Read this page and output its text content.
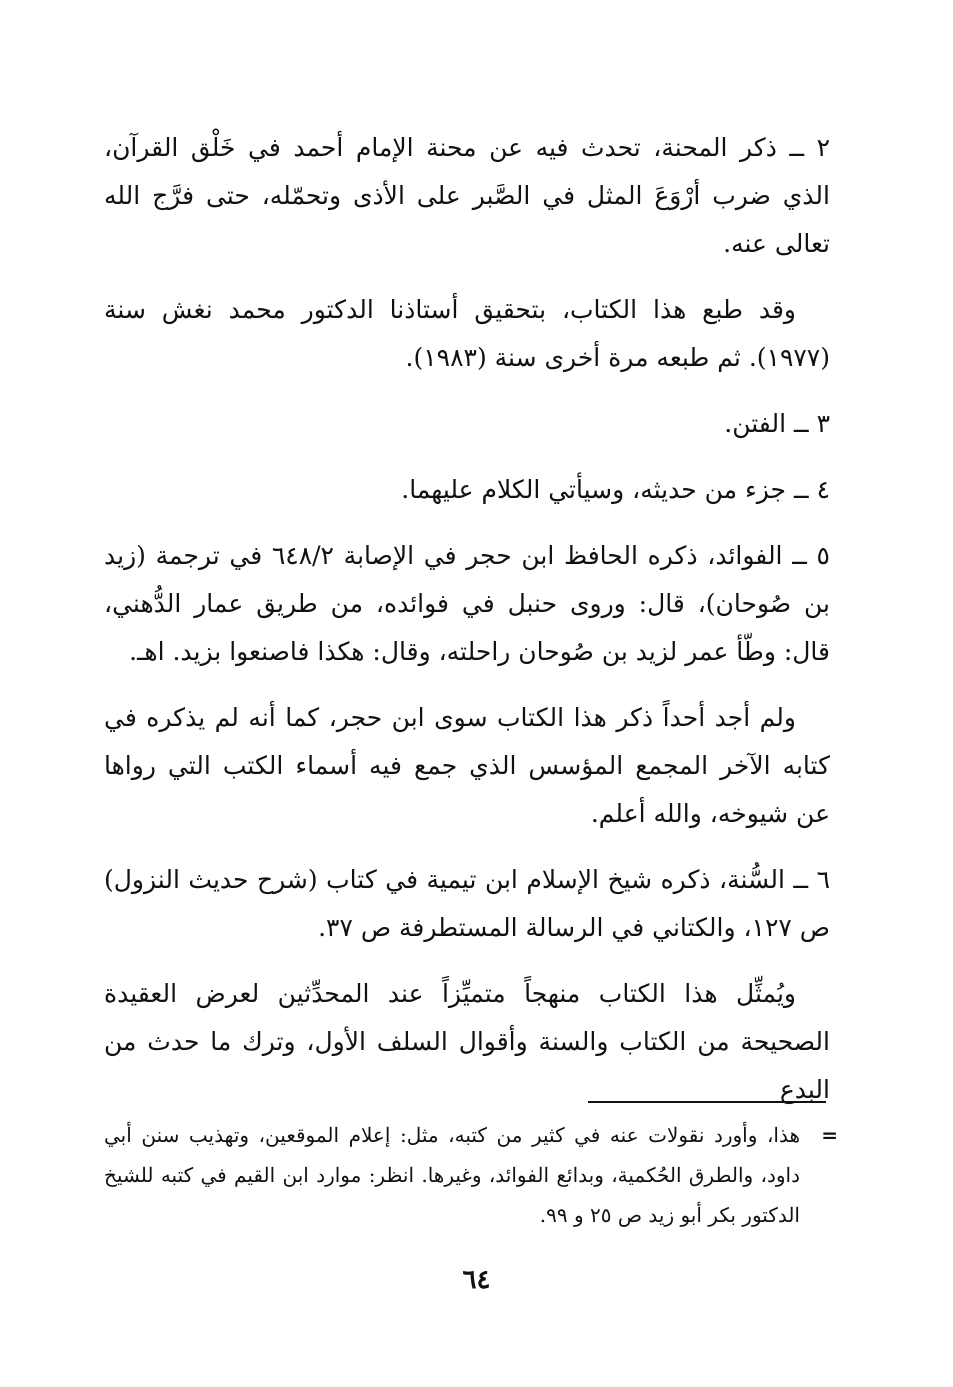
٢ ــ ذكر المحنة، تحدث فيه عن محنة الإمام أحمد في خَلْق القرآن، الذي ضرب أرْوَعَ المثل في الصَّبر على الأذى وتحمّله، حتى فرَّج الله تعالى عنه.

وقد طبع هذا الكتاب، بتحقيق أستاذنا الدكتور محمد نغش سنة (١٩٧٧). ثم طبعه مرة أخرى سنة (١٩٨٣).

٣ ــ الفتن.

٤ ــ جزء من حديثه، وسيأتي الكلام عليهما.

٥ ــ الفوائد، ذكره الحافظ ابن حجر في الإصابة ٦٤٨/٢ في ترجمة (زيد بن صُوحان)، قال: وروى حنبل في فوائده، من طريق عمار الدُّهني، قال: وطّأ عمر لزيد بن صُوحان راحلته، وقال: هكذا فاصنعوا بزيد. اهـ.

ولم أجد أحداً ذكر هذا الكتاب سوى ابن حجر، كما أنه لم يذكره في كتابه الآخر المجمع المؤسس الذي جمع فيه أسماء الكتب التي رواها عن شيوخه، والله أعلم.

٦ ــ السُّنة، ذكره شيخ الإسلام ابن تيمية في كتاب (شرح حديث النزول) ص ١٢٧، والكتاني في الرسالة المستطرفة ص ٣٧.

ويُمثِّل هذا الكتاب منهجاً متميِّزاً عند المحدِّثين لعرض العقيدة الصحيحة من الكتاب والسنة وأقوال السلف الأول، وترك ما حدث من البدع

=
هذا، وأورد نقولات عنه في كثير من كتبه، مثل: إعلام الموقعين، وتهذيب سنن أبي داود، والطرق الحُكمية، وبدائع الفوائد، وغيرها. انظر: موارد ابن القيم في كتبه للشيخ الدكتور بكر أبو زيد ص ٢٥ و ٩٩.

٦٤
